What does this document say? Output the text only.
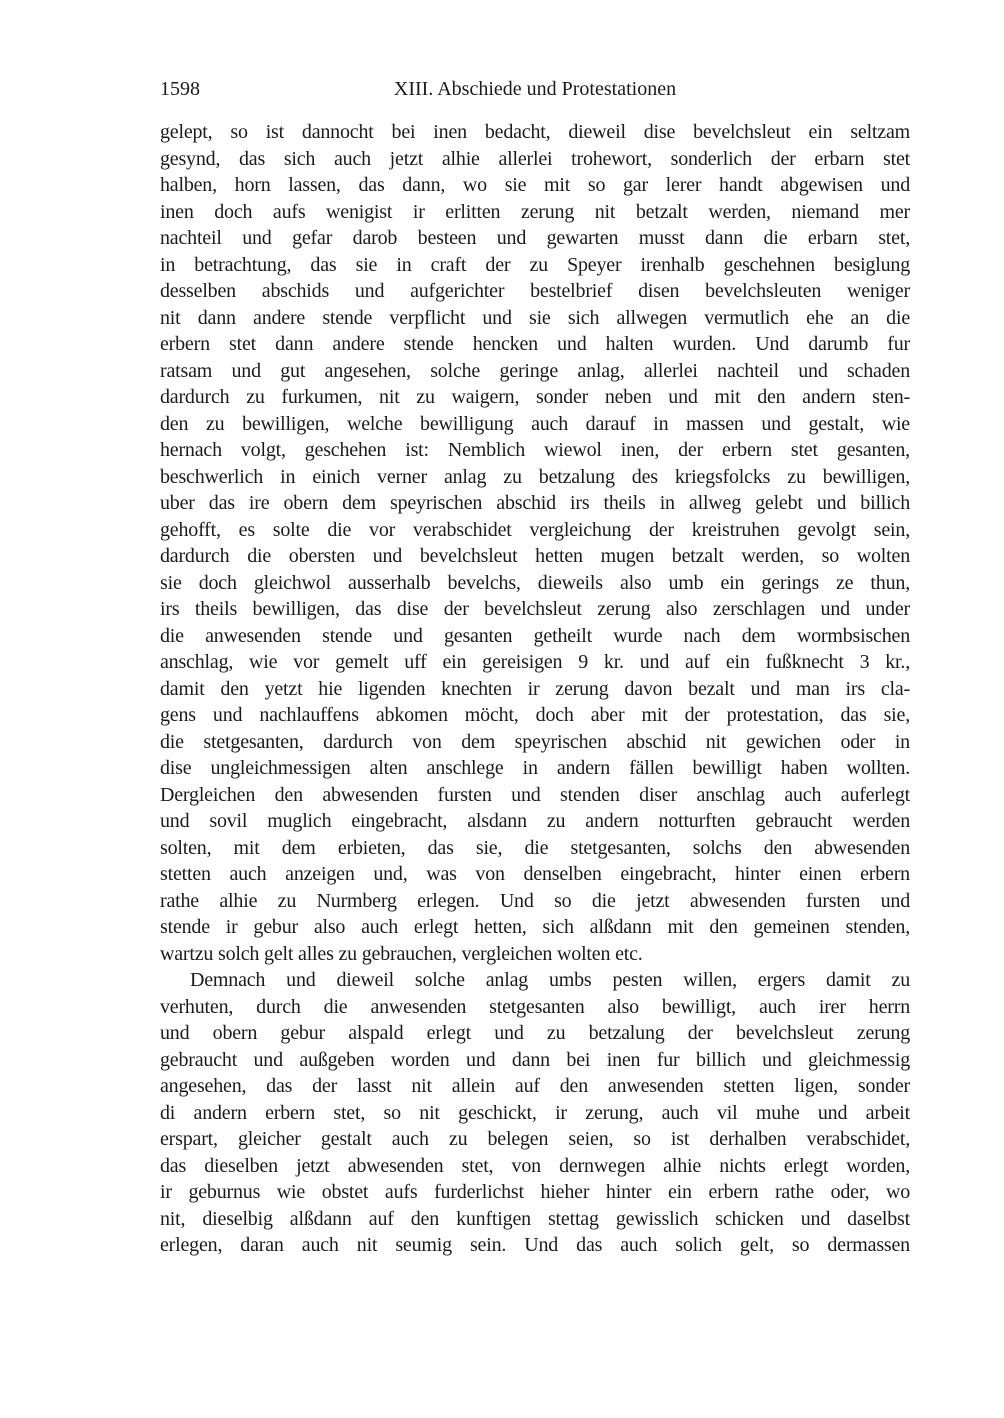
1598	XIII. Abschiede und Protestationen
gelept, so ist dannocht bei inen bedacht, dieweil dise bevelchsleut ein seltzam
gesynd, das sich auch jetzt alhie allerlei trohewort, sonderlich der erbarn stet
halben, horn lassen, das dann, wo sie mit so gar lerer handt abgewisen und
inen doch aufs wenigist ir erlitten zerung nit betzalt werden, niemand mer
nachteil und gefar darob besteen und gewarten musst dann die erbarn stet,
in betrachtung, das sie in craft der zu Speyer irenhalb geschehnen besiglung
desselben abschids und aufgerichter bestelbrief disen bevelchsleuten weniger
nit dann andere stende verpflicht und sie sich allwegen vermutlich ehe an die
erbern stet dann andere stende hencken und halten wurden. Und darumb fur
ratsam und gut angesehen, solche geringe anlag, allerlei nachteil und schaden
dardurch zu furkumen, nit zu waigern, sonder neben und mit den andern sten-
den zu bewilligen, welche bewilligung auch darauf in massen und gestalt, wie
hernach volgt, geschehen ist: Nemblich wiewol inen, der erbern stet gesanten,
beschwerlich in einich verner anlag zu betzalung des kriegsfolcks zu bewilligen,
uber das ire obern dem speyrischen abschid irs theils in allweg gelebt und billich
gehofft, es solte die vor verabschidet vergleichung der kreistruhen gevolgt sein,
dardurch die obersten und bevelchsleut hetten mugen betzalt werden, so wolten
sie doch gleichwol ausserhalb bevelchs, dieweils also umb ein gerings ze thun,
irs theils bewilligen, das dise der bevelchsleut zerung also zerschlagen und under
die anwesenden stende und gesanten getheilt wurde nach dem wormbsischen
anschlag, wie vor gemelt uff ein gereisigen 9 kr. und auf ein fußknecht 3 kr.,
damit den yetzt hie ligenden knechten ir zerung davon bezalt und man irs cla-
gens und nachlauffens abkomen möcht, doch aber mit der protestation, das sie,
die stetgesanten, dardurch von dem speyrischen abschid nit gewichen oder in
dise ungleichmessigen alten anschlege in andern fällen bewilligt haben wollten.
Dergleichen den abwesenden fursten und stenden diser anschlag auch auferlegt
und sovil muglich eingebracht, alsdann zu andern notturften gebraucht werden
solten, mit dem erbieten, das sie, die stetgesanten, solchs den abwesenden
stetten auch anzeigen und, was von denselben eingebracht, hinter einen erbern
rathe alhie zu Nurmberg erlegen. Und so die jetzt abwesenden fursten und
stende ir gebur also auch erlegt hetten, sich alßdann mit den gemeinen stenden,
wartzu solch gelt alles zu gebrauchen, vergleichen wolten etc.
Demnach und dieweil solche anlag umbs pesten willen, ergers damit zu
verhuten, durch die anwesenden stetgesanten also bewilligt, auch irer herrn
und obern gebur alspald erlegt und zu betzalung der bevelchsleut zerung
gebraucht und außgeben worden und dann bei inen fur billich und gleichmessig
angesehen, das der lasst nit allein auf den anwesenden stetten ligen, sonder
di andern erbern stet, so nit geschickt, ir zerung, auch vil muhe und arbeit
erspart, gleicher gestalt auch zu belegen seien, so ist derhalben verabschidet,
das dieselben jetzt abwesenden stet, von dernwegen alhie nichts erlegt worden,
ir geburnus wie obstet aufs furderlichst hieher hinter ein erbern rathe oder, wo
nit, dieselbig alßdann auf den kunftigen stettag gewisslich schicken und daselbst
erlegen, daran auch nit seumig sein. Und das auch solich gelt, so dermassen
